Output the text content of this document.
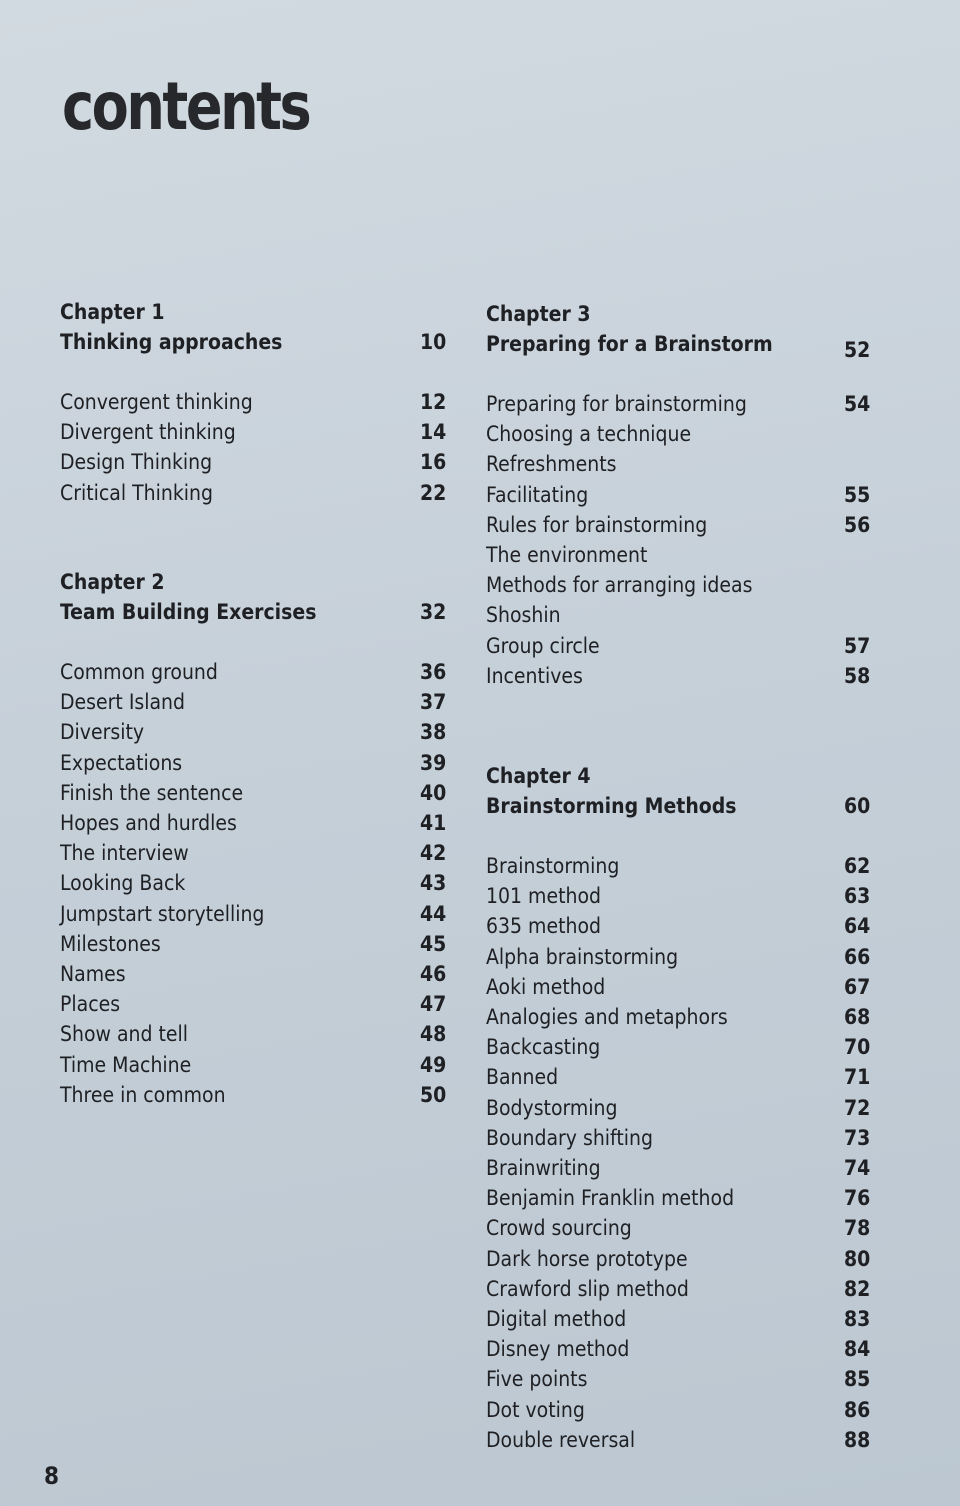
contents
Chapter 1
Thinking approaches	10
Convergent thinking	12
Divergent thinking	14
Design Thinking	16
Critical Thinking	22
Chapter 2
Team Building Exercises	32
Common ground	36
Desert Island	37
Diversity	38
Expectations	39
Finish the sentence	40
Hopes and hurdles	41
The interview	42
Looking Back	43
Jumpstart storytelling	44
Milestones	45
Names	46
Places	47
Show and tell	48
Time Machine	49
Three in common	50
Chapter 3
Preparing for a Brainstorm	52
Preparing for brainstorming	54
Choosing a technique
Refreshments
Facilitating	55
Rules for brainstorming	56
The environment
Methods for arranging ideas
Shoshin
Group circle	57
Incentives	58
Chapter 4
Brainstorming Methods	60
Brainstorming	62
101 method	63
635 method	64
Alpha brainstorming	66
Aoki method	67
Analogies and metaphors	68
Backcasting	70
Banned	71
Bodystorming	72
Boundary shifting	73
Brainwriting	74
Benjamin Franklin method	76
Crowd sourcing	78
Dark horse prototype	80
Crawford slip method	82
Digital method	83
Disney method	84
Five points	85
Dot voting	86
Double reversal	88
8
